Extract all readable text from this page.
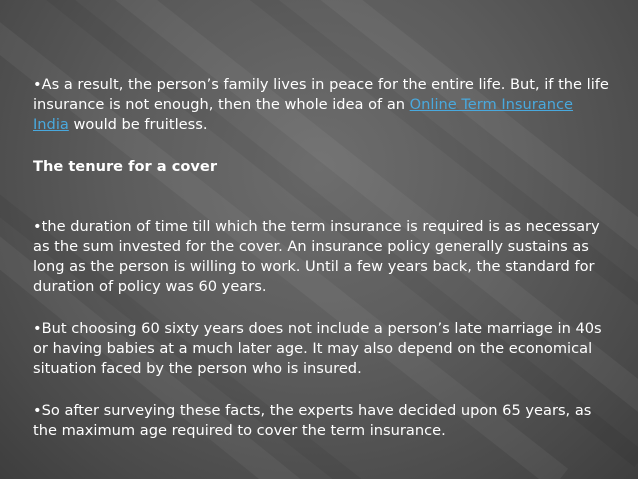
•As a result, the person’s family lives in peace for the entire life. But, if the life insurance is not enough, then the whole idea of an Online Term Insurance India would be fruitless.

The tenure for a cover

•the duration of time till which the term insurance is required is as necessary as the sum invested for the cover. An insurance policy generally sustains as long as the person is willing to work. Until a few years back, the standard for duration of policy was 60 years.

•But choosing 60 sixty years does not include a person’s late marriage in 40s or having babies at a much later age. It may also depend on the economical situation faced by the person who is insured.

•So after surveying these facts, the experts have decided upon 65 years, as the maximum age required to cover the term insurance.
